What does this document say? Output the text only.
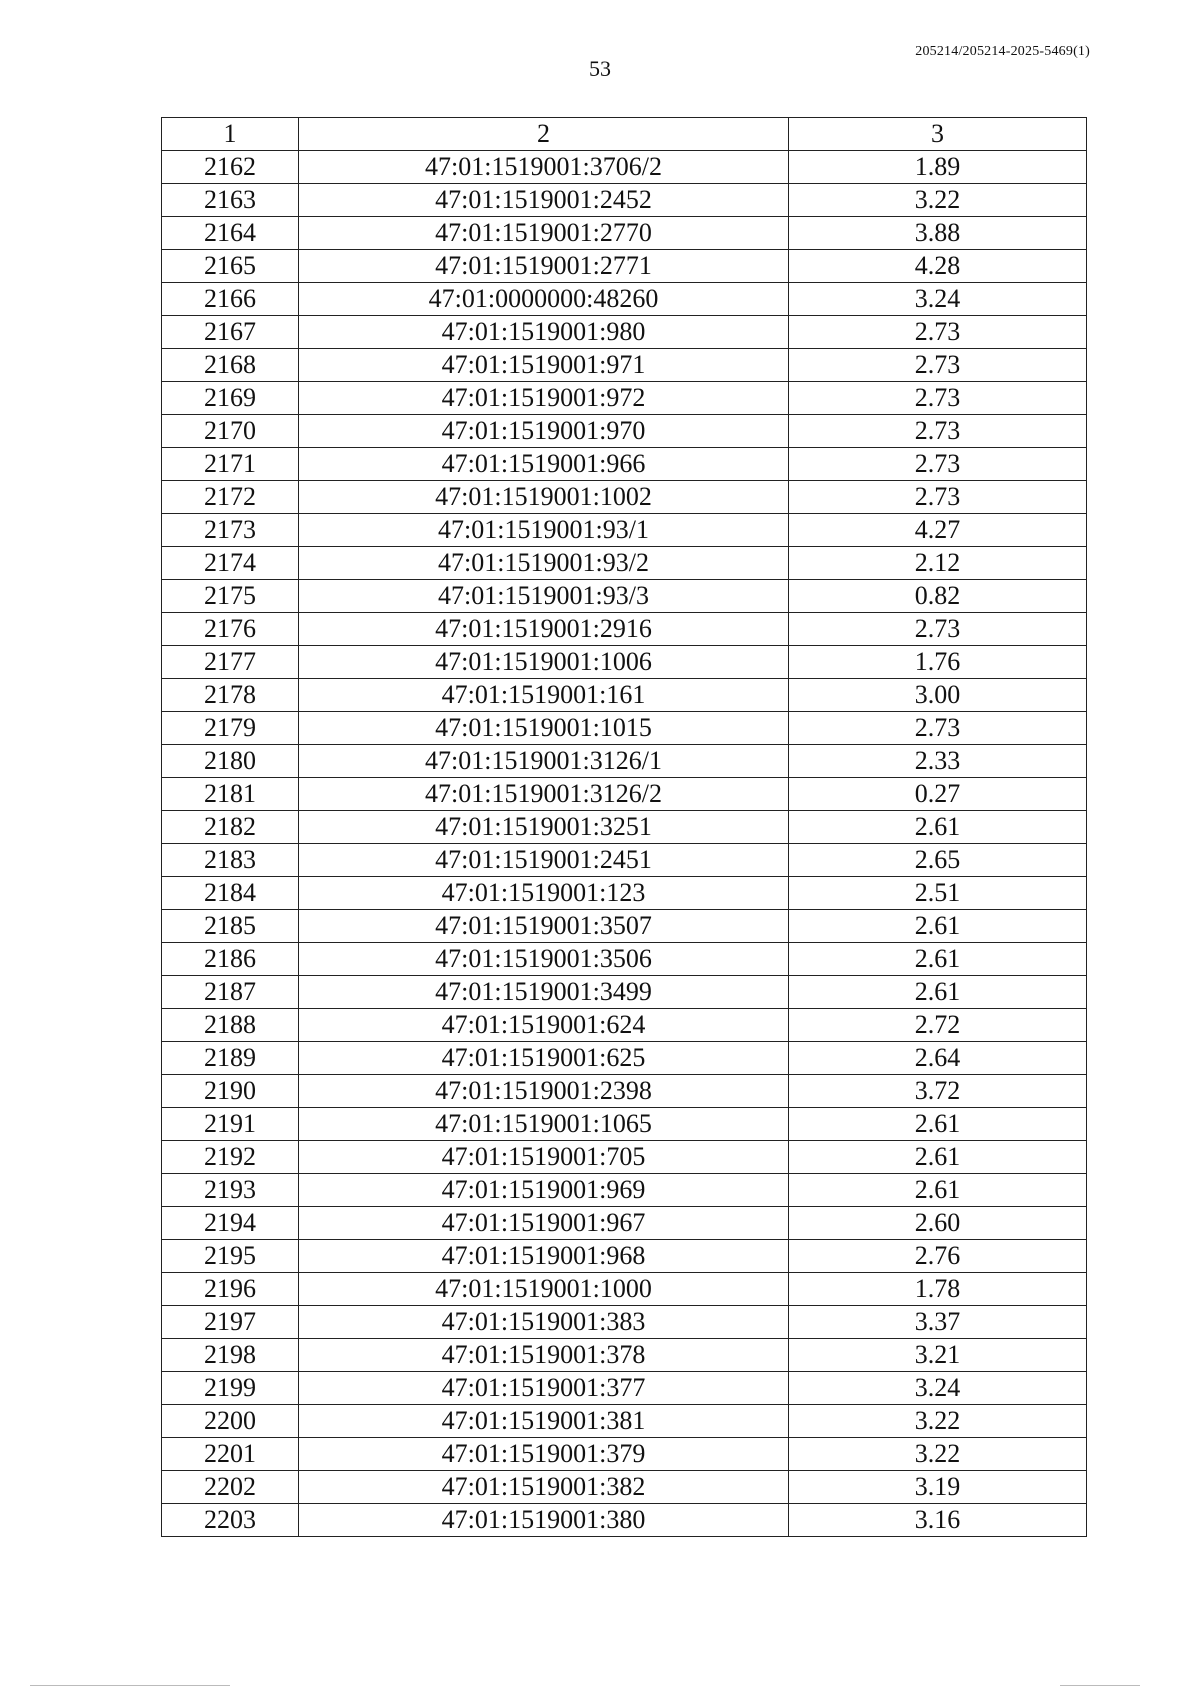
205214/205214-2025-5469(1)
53
1	2	3
2162	47:01:1519001:3706/2	1.89
2163	47:01:1519001:2452	3.22
2164	47:01:1519001:2770	3.88
2165	47:01:1519001:2771	4.28
2166	47:01:0000000:48260	3.24
2167	47:01:1519001:980	2.73
2168	47:01:1519001:971	2.73
2169	47:01:1519001:972	2.73
2170	47:01:1519001:970	2.73
2171	47:01:1519001:966	2.73
2172	47:01:1519001:1002	2.73
2173	47:01:1519001:93/1	4.27
2174	47:01:1519001:93/2	2.12
2175	47:01:1519001:93/3	0.82
2176	47:01:1519001:2916	2.73
2177	47:01:1519001:1006	1.76
2178	47:01:1519001:161	3.00
2179	47:01:1519001:1015	2.73
2180	47:01:1519001:3126/1	2.33
2181	47:01:1519001:3126/2	0.27
2182	47:01:1519001:3251	2.61
2183	47:01:1519001:2451	2.65
2184	47:01:1519001:123	2.51
2185	47:01:1519001:3507	2.61
2186	47:01:1519001:3506	2.61
2187	47:01:1519001:3499	2.61
2188	47:01:1519001:624	2.72
2189	47:01:1519001:625	2.64
2190	47:01:1519001:2398	3.72
2191	47:01:1519001:1065	2.61
2192	47:01:1519001:705	2.61
2193	47:01:1519001:969	2.61
2194	47:01:1519001:967	2.60
2195	47:01:1519001:968	2.76
2196	47:01:1519001:1000	1.78
2197	47:01:1519001:383	3.37
2198	47:01:1519001:378	3.21
2199	47:01:1519001:377	3.24
2200	47:01:1519001:381	3.22
2201	47:01:1519001:379	3.22
2202	47:01:1519001:382	3.19
2203	47:01:1519001:380	3.16
